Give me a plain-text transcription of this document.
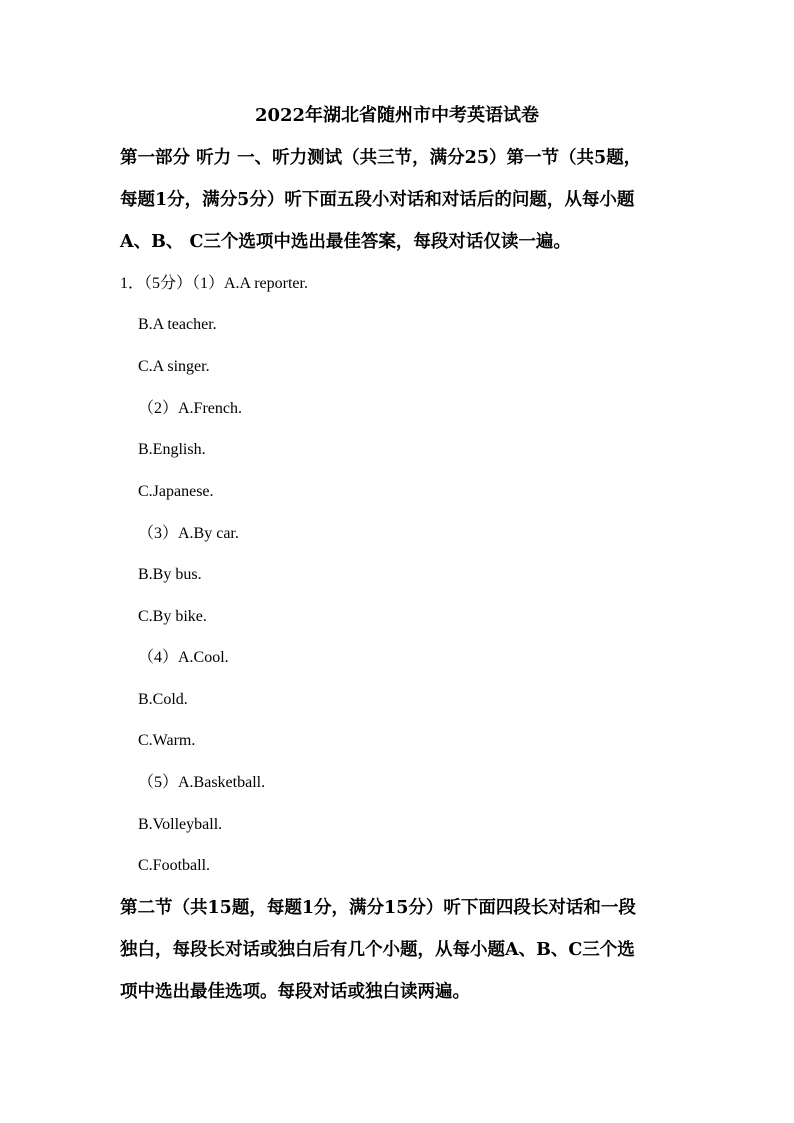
2022年湖北省随州市中考英语试卷
第一部分 听力 一、听力测试（共三节，满分25）第一节（共5题，
每题1分，满分5分）听下面五段小对话和对话后的问题，从每小题
A、B、 C三个选项中选出最佳答案，每段对话仅读一遍。
1．（5分）（1）A.A reporter.
B.A teacher.
C.A singer.
（2）A.French.
B.English.
C.Japanese.
（3）A.By car.
B.By bus.
C.By bike.
（4）A.Cool.
B.Cold.
C.Warm.
（5）A.Basketball.
B.Volleyball.
C.Football.
第二节（共15题，每题1分，满分15分）听下面四段长对话和一段
独白，每段长对话或独白后有几个小题，从每小题A、B、C三个选
项中选出最佳选项。每段对话或独白读两遍。
